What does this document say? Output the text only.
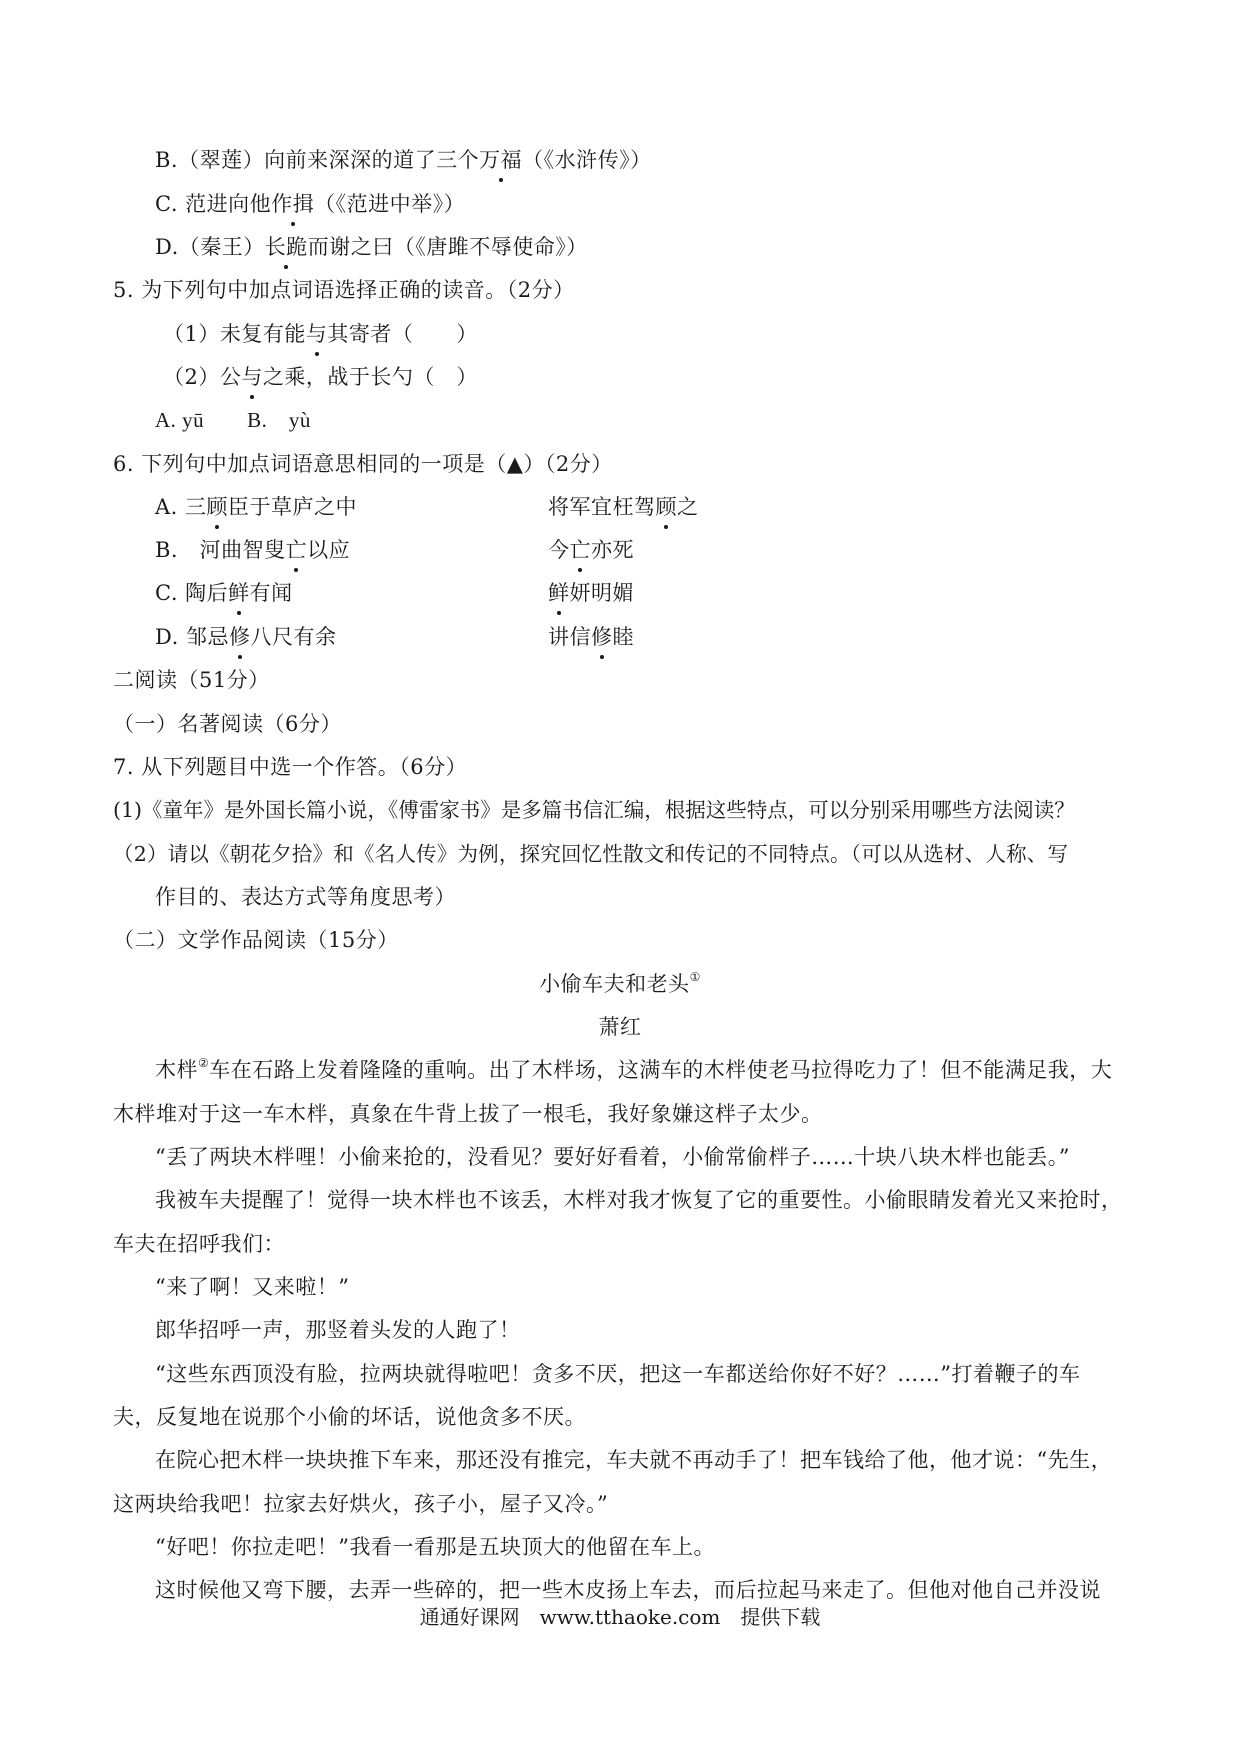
B.（翠莲）向前来深深的道了三个万福（《水浒传》）
C. 范进向他作揖（《范进中举》）
D.（秦王）长跪而谢之曰（《唐雎不辱使命》）
5. 为下列句中加点词语选择正确的读音。（2分）
（1）未复有能与其寄者（　　）
（2）公与之乘，战于长勺（　）
A. yū　　B.　yù
6. 下列句中加点词语意思相同的一项是（▲）（2分）
A. 三顾臣于草庐之中	将军宜枉驾顾之
B.　河曲智叟亡以应	今亡亦死
C. 陶后鲜有闻	鲜妍明媚
D. 邹忌修八尺有余	讲信修睦
二阅读（51分）
（一）名著阅读（6分）
7. 从下列题目中选一个作答。（6分）
(1)《童年》是外国长篇小说，《傅雷家书》是多篇书信汇编，根据这些特点，可以分别采用哪些方法阅读？
（2）请以《朝花夕拾》和《名人传》为例，探究回忆性散文和传记的不同特点。（可以从选材、人称、写
作目的、表达方式等角度思考）
（二）文学作品阅读（15分）
小偷车夫和老头①
萧红
木柈②车在石路上发着隆隆的重响。出了木柈场，这满车的木柈使老马拉得吃力了！但不能满足我，大
木柈堆对于这一车木柈，真象在牛背上拔了一根毛，我好象嫌这柈子太少。
“丢了两块木柈哩！小偷来抢的，没看见？要好好看着，小偷常偷柈子……十块八块木柈也能丢。”
我被车夫提醒了！觉得一块木柈也不该丢，木柈对我才恢复了它的重要性。小偷眼睛发着光又来抢时，
车夫在招呼我们：
“来了啊！又来啦！”
郎华招呼一声，那竖着头发的人跑了！
“这些东西顶没有脸，拉两块就得啦吧！贪多不厌，把这一车都送给你好不好？……”打着鞭子的车
夫，反复地在说那个小偷的坏话，说他贪多不厌。
在院心把木柈一块块推下车来，那还没有推完，车夫就不再动手了！把车钱给了他，他才说：“先生，
这两块给我吧！拉家去好烘火，孩子小，屋子又冷。”
“好吧！你拉走吧！”我看一看那是五块顶大的他留在车上。
这时候他又弯下腰，去弄一些碎的，把一些木皮扬上车去，而后拉起马来走了。但他对他自己并没说
通通好课网　www.tthaoke.com　提供下载
